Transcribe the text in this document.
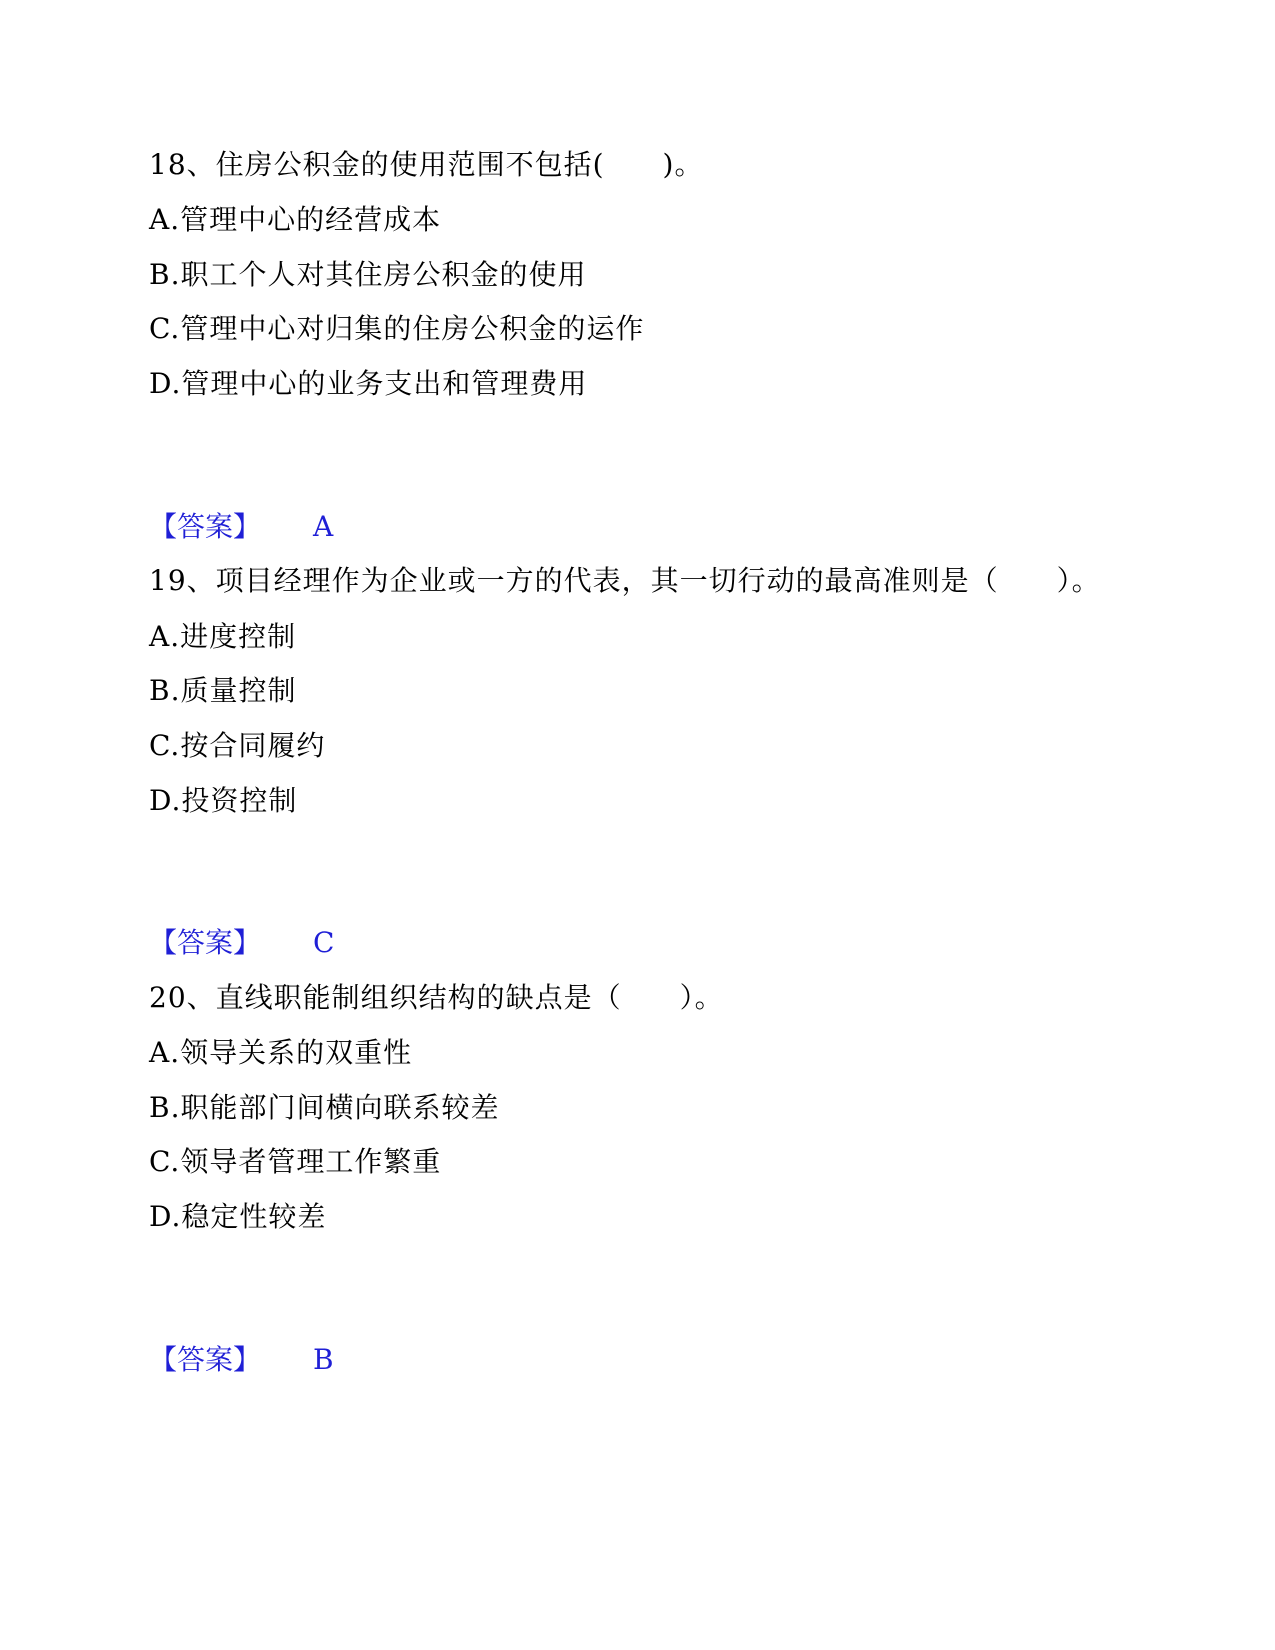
18、住房公积金的使用范围不包括(　　)。
A.管理中心的经营成本
B.职工个人对其住房公积金的使用
C.管理中心对归集的住房公积金的运作
D.管理中心的业务支出和管理费用
【答案】 A
19、项目经理作为企业或一方的代表，其一切行动的最高准则是（　　）。
A.进度控制
B.质量控制
C.按合同履约
D.投资控制
【答案】 C
20、直线职能制组织结构的缺点是（　　）。
A.领导关系的双重性
B.职能部门间横向联系较差
C.领导者管理工作繁重
D.稳定性较差
【答案】 B
